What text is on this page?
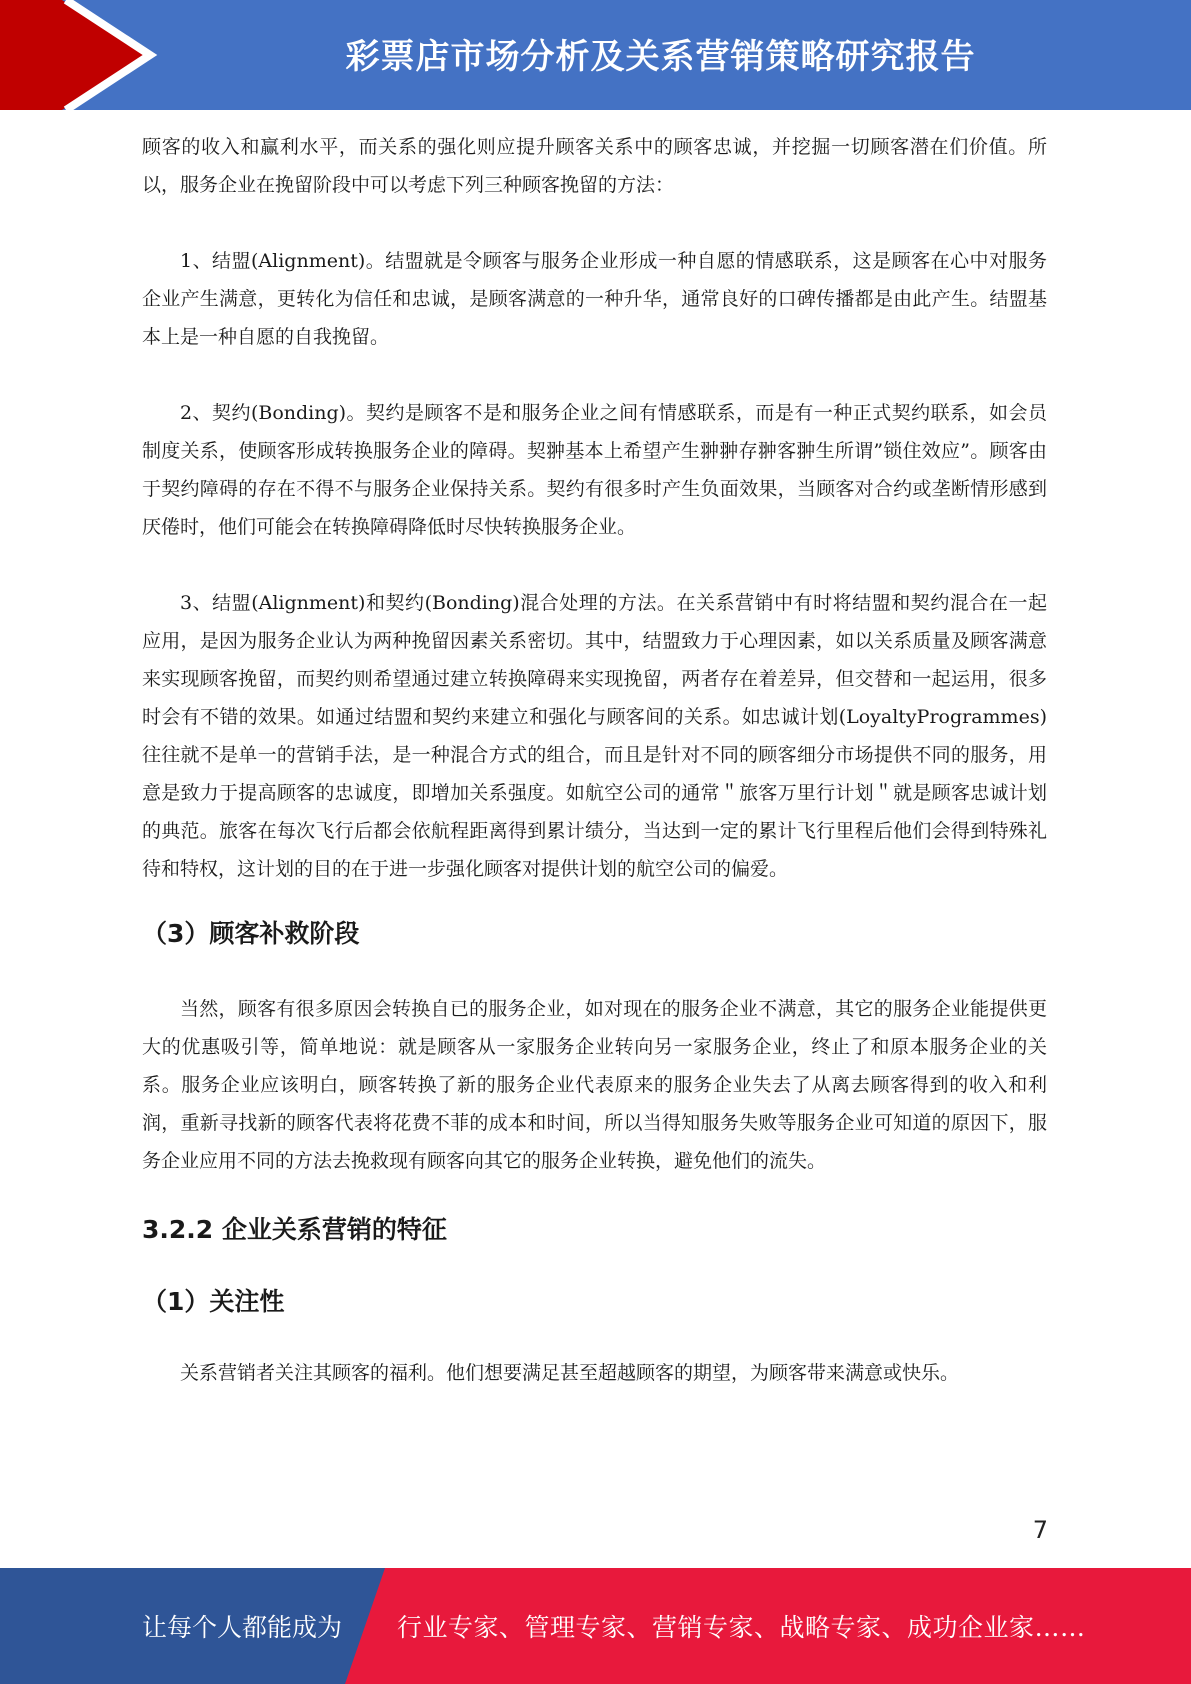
彩票店市场分析及关系营销策略研究报告

顾客的收入和赢利水平，而关系的强化则应提升顾客关系中的顾客忠诚，并挖掘一切顾客潜在们价值。所以，服务企业在挽留阶段中可以考虑下列三种顾客挽留的方法：

1、结盟(Alignment)。结盟就是令顾客与服务企业形成一种自愿的情感联系，这是顾客在心中对服务企业产生满意，更转化为信任和忠诚，是顾客满意的一种升华，通常良好的口碑传播都是由此产生。结盟基本上是一种自愿的自我挽留。

2、契约(Bonding)。契约是顾客不是和服务企业之间有情感联系，而是有一种正式契约联系，如会员制度关系，使顾客形成转换服务企业的障碍。契翀基本上希望产生翀翀存翀客翀生所谓”锁住效应”。顾客由于契约障碍的存在不得不与服务企业保持关系。契约有很多时产生负面效果，当顾客对合约或垄断情形感到厌倦时，他们可能会在转换障碍降低时尽快转换服务企业。

3、结盟(Alignment)和契约(Bonding)混合处理的方法。在关系营销中有时将结盟和契约混合在一起应用，是因为服务企业认为两种挽留因素关系密切。其中，结盟致力于心理因素，如以关系质量及顾客满意来实现顾客挽留，而契约则希望通过建立转换障碍来实现挽留，两者存在着差异，但交替和一起运用，很多时会有不错的效果。如通过结盟和契约来建立和强化与顾客间的关系。如忠诚计划(LoyaltyProgrammes)往往就不是单一的营销手法，是一种混合方式的组合，而且是针对不同的顾客细分市场提供不同的服务，用意是致力于提高顾客的忠诚度，即增加关系强度。如航空公司的通常＂旅客万里行计划＂就是顾客忠诚计划的典范。旅客在每次飞行后都会依航程距离得到累计绩分，当达到一定的累计飞行里程后他们会得到特殊礼待和特权，这计划的目的在于进一步强化顾客对提供计划的航空公司的偏爱。

（3）顾客补救阶段

当然，顾客有很多原因会转换自已的服务企业，如对现在的服务企业不满意，其它的服务企业能提供更大的优惠吸引等，简单地说：就是顾客从一家服务企业转向另一家服务企业，终止了和原本服务企业的关系。服务企业应该明白，顾客转换了新的服务企业代表原来的服务企业失去了从离去顾客得到的收入和利润，重新寻找新的顾客代表将花费不菲的成本和时间，所以当得知服务失败等服务企业可知道的原因下，服务企业应用不同的方法去挽救现有顾客向其它的服务企业转换，避免他们的流失。

3.2.2 企业关系营销的特征
（1）关注性

关系营销者关注其顾客的福利。他们想要满足甚至超越顾客的期望，为顾客带来满意或快乐。

7
让每个人都能成为 行业专家、管理专家、营销专家、战略专家、成功企业家……
